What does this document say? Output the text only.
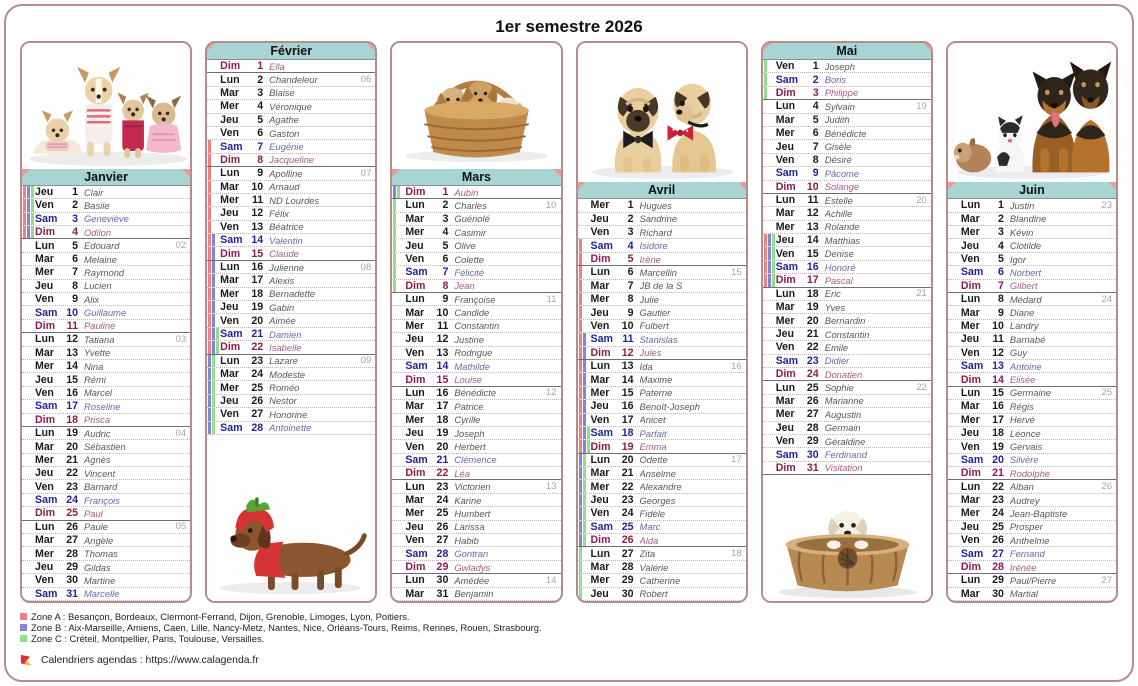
1er semestre 2026
Janvier
Jeu	1 Clair
Ven	2 Basile
Sam	3 Geneviève
Dim	4 Odilon
Lun	5 Edouard	02
Mar	6 Melaine
Mer	7 Raymond
Jeu	8 Lucien
Ven	9 Alix
Sam 10 Guillaume
Dim	11 Pauline
Lun	12 Tatiana	03
Mar	13 Yvette
Mer	14 Nina
Jeu	15 Rémi
Ven	16 Marcel
Sam 17 Roseline
Dim	18 Prisca
Lun	19 Audric	04
Mar	20 Sébastien
Mer	21 Agnès
Jeu	22 Vincent
Ven	23 Barnard
Sam 24 François
Dim	25 Paul
Lun	26 Paule	05
Mar	27 Angèle
Mer	28 Thomas
Jeu	29 Gildas
Ven	30 Martine
Sam 31 Marcelle
Février
Dim	1 Ella
Lun	2 Chandeleur	06
Mar	3 Blaise
Mer	4 Véronique
Jeu	5 Agathe
Ven	6 Gaston
Sam	7 Eugénie
Dim	8 Jacqueline
Lun	9 Apolline	07
Mar	10 Arnaud
Mer	11 ND Lourdes
Jeu	12 Félix
Ven	13 Béatrice
Sam 14 Valentin
Dim	15 Claude
Lun	16 Julienne	08
Mar	17 Alexis
Mer	18 Bernadette
Jeu	19 Gabin
Ven	20 Aimée
Sam 21 Damien
Dim	22 Isabelle
Lun	23 Lazare	09
Mar	24 Modeste
Mer	25 Roméo
Jeu	26 Nestor
Ven	27 Honorine
Sam 28 Antoinette
Mars
Dim	1 Aubin
Lun	2 Charles	10
Mar	3 Guénolé
Mer	4 Casimir
Jeu	5 Olive
Ven	6 Colette
Sam	7 Félicité
Dim	8 Jean
Lun	9 Françoise	11
Mar	10 Candide
Mer	11 Constantin
Jeu	12 Justine
Ven	13 Rodrigue
Sam 14 Mathilde
Dim	15 Louise
Lun	16 Bénédicte	12
Mar	17 Patrice
Mer	18 Cyrille
Jeu	19 Joseph
Ven	20 Herbert
Sam 21 Clémence
Dim	22 Léa
Lun	23 Victorien	13
Mar	24 Karine
Mer	25 Humbert
Jeu	26 Larissa
Ven	27 Habib
Sam 28 Gontran
Dim	29 Gwladys
Lun	30 Amédée	14
Mar	31 Benjamin
Avril
Mer	1 Hugues
Jeu	2 Sandrine
Ven	3 Richard
Sam	4 Isidore
Dim	5 Irène
Lun	6 Marcellin	15
Mar	7 JB de la S
Mer	8 Julie
Jeu	9 Gautier
Ven	10 Fulbert
Sam 11 Stanislas
Dim	12 Jules
Lun	13 Ida	16
Mar	14 Maxime
Mer	15 Paterne
Jeu	16 Benoît-Joseph
Ven	17 Anicet
Sam 18 Parfait
Dim	19 Emma
Lun	20 Odette	17
Mar	21 Anselme
Mer	22 Alexandre
Jeu	23 Georges
Ven	24 Fidèle
Sam 25 Marc
Dim	26 Alda
Lun	27 Zita	18
Mar	28 Valérie
Mer	29 Catherine
Jeu	30 Robert
Mai
Ven	1 Joseph
Sam	2 Boris
Dim	3 Philippe
Lun	4 Sylvain	19
Mar	5 Judith
Mer	6 Bénédicte
Jeu	7 Gisèle
Ven	8 Désiré
Sam	9 Pâcome
Dim	10 Solange
Lun	11 Estelle	20
Mar	12 Achille
Mer	13 Rolande
Jeu	14 Matthias
Ven	15 Denise
Sam 16 Honoré
Dim	17 Pascal
Lun	18 Eric	21
Mar	19 Yves
Mer	20 Bernardin
Jeu	21 Constantin
Ven	22 Emile
Sam 23 Didier
Dim	24 Donatien
Lun	25 Sophie	22
Mar	26 Marianne
Mer	27 Augustin
Jeu	28 Germain
Ven	29 Géraldine
Sam 30 Ferdinand
Dim	31 Visitation
Juin
Lun	1 Justin	23
Mar	2 Blandine
Mer	3 Kévin
Jeu	4 Clotilde
Ven	5 Igor
Sam	6 Norbert
Dim	7 Gilbert
Lun	8 Médard	24
Mar	9 Diane
Mer	10 Landry
Jeu	11 Barnabé
Ven	12 Guy
Sam 13 Antoine
Dim	14 Elisée
Lun	15 Germaine	25
Mar	16 Régis
Mer	17 Hervé
Jeu	18 Léonce
Ven	19 Gervais
Sam 20 Silvère
Dim	21 Rodolphe
Lun	22 Alban	26
Mar	23 Audrey
Mer	24 Jean-Baptiste
Jeu	25 Prosper
Ven	26 Anthelme
Sam 27 Fernand
Dim	28 Irénée
Lun	29 Paul/Pierre	27
Mar	30 Martial
Zone A : Besançon, Bordeaux, Clermont-Ferrand, Dijon, Grenoble, Limoges, Lyon, Poitiers.
Zone B : Aix-Marseille, Amiens, Caen, Lille, Nancy-Metz, Nantes, Nice, Orléans-Tours, Reims, Rennes, Rouen, Strasbourg.
Zone C : Créteil, Montpellier, Paris, Toulouse, Versailles.
Calendriers agendas : https://www.calagenda.fr
